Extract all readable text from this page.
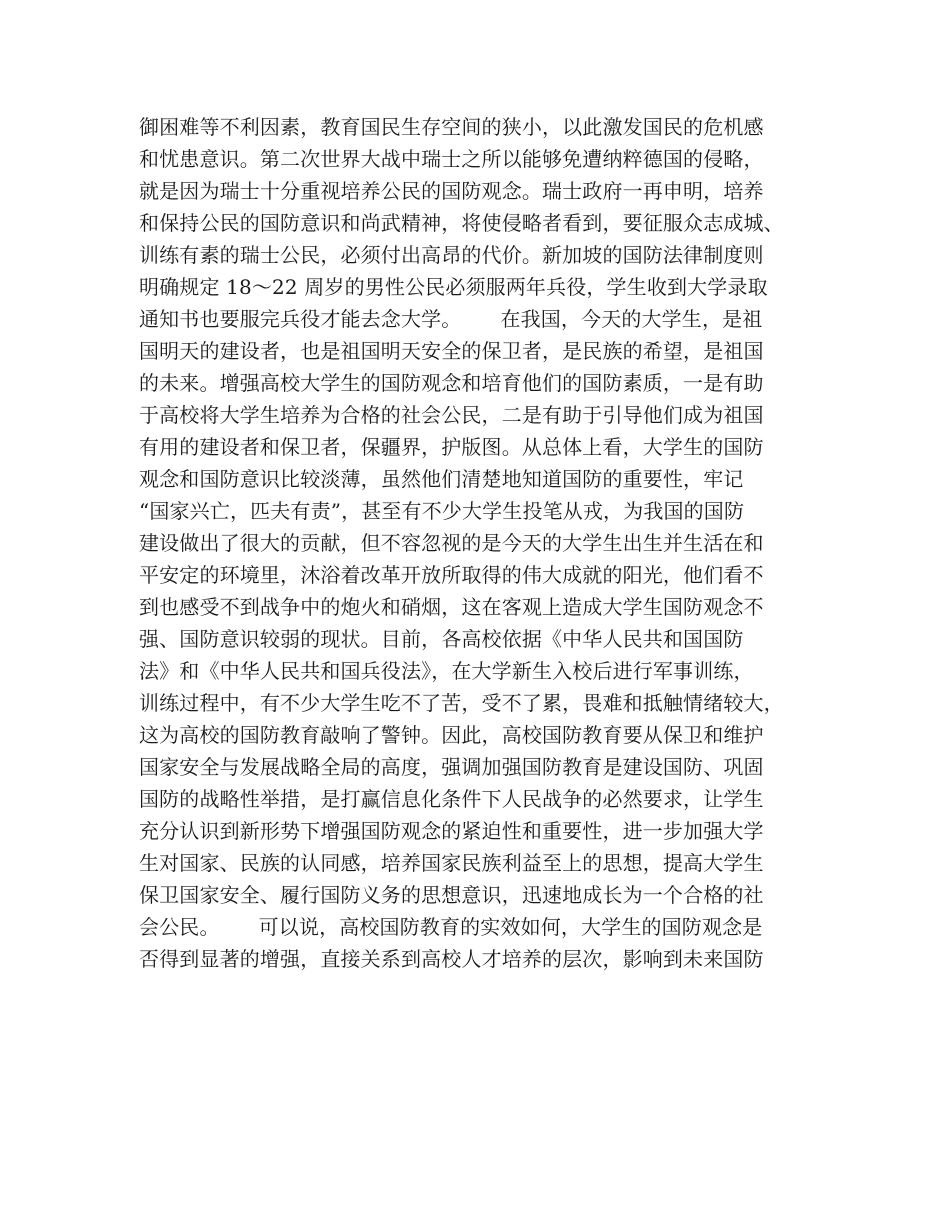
御困难等不利因素，教育国民生存空间的狭小，以此激发国民的危机感
和忧患意识。第二次世界大战中瑞士之所以能够免遭纳粹德国的侵略，
就是因为瑞士十分重视培养公民的国防观念。瑞士政府一再申明，培养
和保持公民的国防意识和尚武精神，将使侵略者看到，要征服众志成城、
训练有素的瑞士公民，必须付出高昂的代价。新加坡的国防法律制度则
明确规定 18～22 周岁的男性公民必须服两年兵役，学生收到大学录取
通知书也要服完兵役才能去念大学。      在我国，今天的大学生，是祖
国明天的建设者，也是祖国明天安全的保卫者，是民族的希望，是祖国
的未来。增强高校大学生的国防观念和培育他们的国防素质，一是有助
于高校将大学生培养为合格的社会公民，二是有助于引导他们成为祖国
有用的建设者和保卫者，保疆界，护版图。从总体上看，大学生的国防
观念和国防意识比较淡薄，虽然他们清楚地知道国防的重要性，牢记
“国家兴亡，匹夫有责”，甚至有不少大学生投笔从戎，为我国的国防
建设做出了很大的贡献，但不容忽视的是今天的大学生出生并生活在和
平安定的环境里，沐浴着改革开放所取得的伟大成就的阳光，他们看不
到也感受不到战争中的炮火和硝烟，这在客观上造成大学生国防观念不
强、国防意识较弱的现状。目前，各高校依据《中华人民共和国国防
法》和《中华人民共和国兵役法》，在大学新生入校后进行军事训练，
训练过程中，有不少大学生吃不了苦，受不了累，畏难和抵触情绪较大，
这为高校的国防教育敲响了警钟。因此，高校国防教育要从保卫和维护
国家安全与发展战略全局的高度，强调加强国防教育是建设国防、巩固
国防的战略性举措，是打赢信息化条件下人民战争的必然要求，让学生
充分认识到新形势下增强国防观念的紧迫性和重要性，进一步加强大学
生对国家、民族的认同感，培养国家民族利益至上的思想，提高大学生
保卫国家安全、履行国防义务的思想意识，迅速地成长为一个合格的社
会公民。      可以说，高校国防教育的实效如何，大学生的国防观念是
否得到显著的增强，直接关系到高校人才培养的层次，影响到未来国防
